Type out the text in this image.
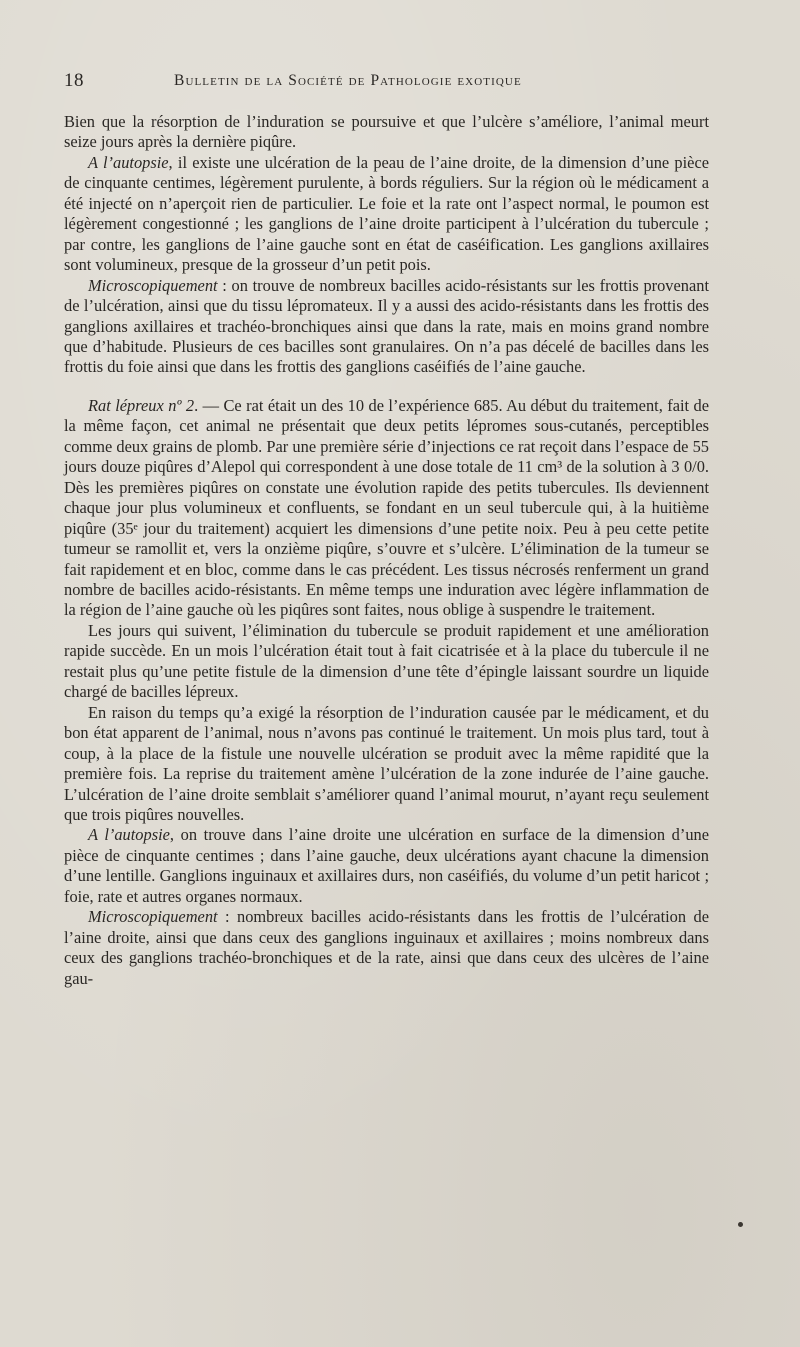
18	Bulletin de la Société de Pathologie exotique

Bien que la résorption de l’induration se poursuive et que l’ulcère s’améliore, l’animal meurt seize jours après la dernière piqûre.

A l’autopsie, il existe une ulcération de la peau de l’aine droite, de la dimension d’une pièce de cinquante centimes, légèrement purulente, à bords réguliers. Sur la région où le médicament a été injecté on n’aperçoit rien de particulier. Le foie et la rate ont l’aspect normal, le poumon est légèrement congestionné ; les ganglions de l’aine droite participent à l’ulcération du tubercule ; par contre, les ganglions de l’aine gauche sont en état de caséification. Les ganglions axillaires sont volumineux, presque de la grosseur d’un petit pois.

Microscopiquement : on trouve de nombreux bacilles acido-résistants sur les frottis provenant de l’ulcération, ainsi que du tissu lépromateux. Il y a aussi des acido-résistants dans les frottis des ganglions axillaires et trachéo-bronchiques ainsi que dans la rate, mais en moins grand nombre que d’habitude. Plusieurs de ces bacilles sont granulaires. On n’a pas décelé de bacilles dans les frottis du foie ainsi que dans les frottis des ganglions caséifiés de l’aine gauche.

Rat lépreux nº 2. — Ce rat était un des 10 de l’expérience 685. Au début du traitement, fait de la même façon, cet animal ne présentait que deux petits lépromes sous-cutanés, perceptibles comme deux grains de plomb. Par une première série d’injections ce rat reçoit dans l’espace de 55 jours douze piqûres d’Alepol qui correspondent à une dose totale de 11 cm³ de la solution à 3 0/0. Dès les premières piqûres on constate une évolution rapide des petits tubercules. Ils deviennent chaque jour plus volumineux et confluents, se fondant en un seul tubercule qui, à la huitième piqûre (35ᵉ jour du traitement) acquiert les dimensions d’une petite noix. Peu à peu cette petite tumeur se ramollit et, vers la onzième piqûre, s’ouvre et s’ulcère. L’élimination de la tumeur se fait rapidement et en bloc, comme dans le cas précédent. Les tissus nécrosés renferment un grand nombre de bacilles acido-résistants. En même temps une induration avec légère inflammation de la région de l’aine gauche où les piqûres sont faites, nous oblige à suspendre le traitement.

Les jours qui suivent, l’élimination du tubercule se produit rapidement et une amélioration rapide succède. En un mois l’ulcération était tout à fait cicatrisée et à la place du tubercule il ne restait plus qu’une petite fistule de la dimension d’une tête d’épingle laissant sourdre un liquide chargé de bacilles lépreux.

En raison du temps qu’a exigé la résorption de l’induration causée par le médicament, et du bon état apparent de l’animal, nous n’avons pas continué le traitement. Un mois plus tard, tout à coup, à la place de la fistule une nouvelle ulcération se produit avec la même rapidité que la première fois. La reprise du traitement amène l’ulcération de la zone indurée de l’aine gauche. L’ulcération de l’aine droite semblait s’améliorer quand l’animal mourut, n’ayant reçu seulement que trois piqûres nouvelles.

A l’autopsie, on trouve dans l’aine droite une ulcération en surface de la dimension d’une pièce de cinquante centimes ; dans l’aine gauche, deux ulcérations ayant chacune la dimension d’une lentille. Ganglions inguinaux et axillaires durs, non caséifiés, du volume d’un petit haricot ; foie, rate et autres organes normaux.

Microscopiquement : nombreux bacilles acido-résistants dans les frottis de l’ulcération de l’aine droite, ainsi que dans ceux des ganglions inguinaux et axillaires ; moins nombreux dans ceux des ganglions trachéo-bronchiques et de la rate, ainsi que dans ceux des ulcères de l’aine gau-
